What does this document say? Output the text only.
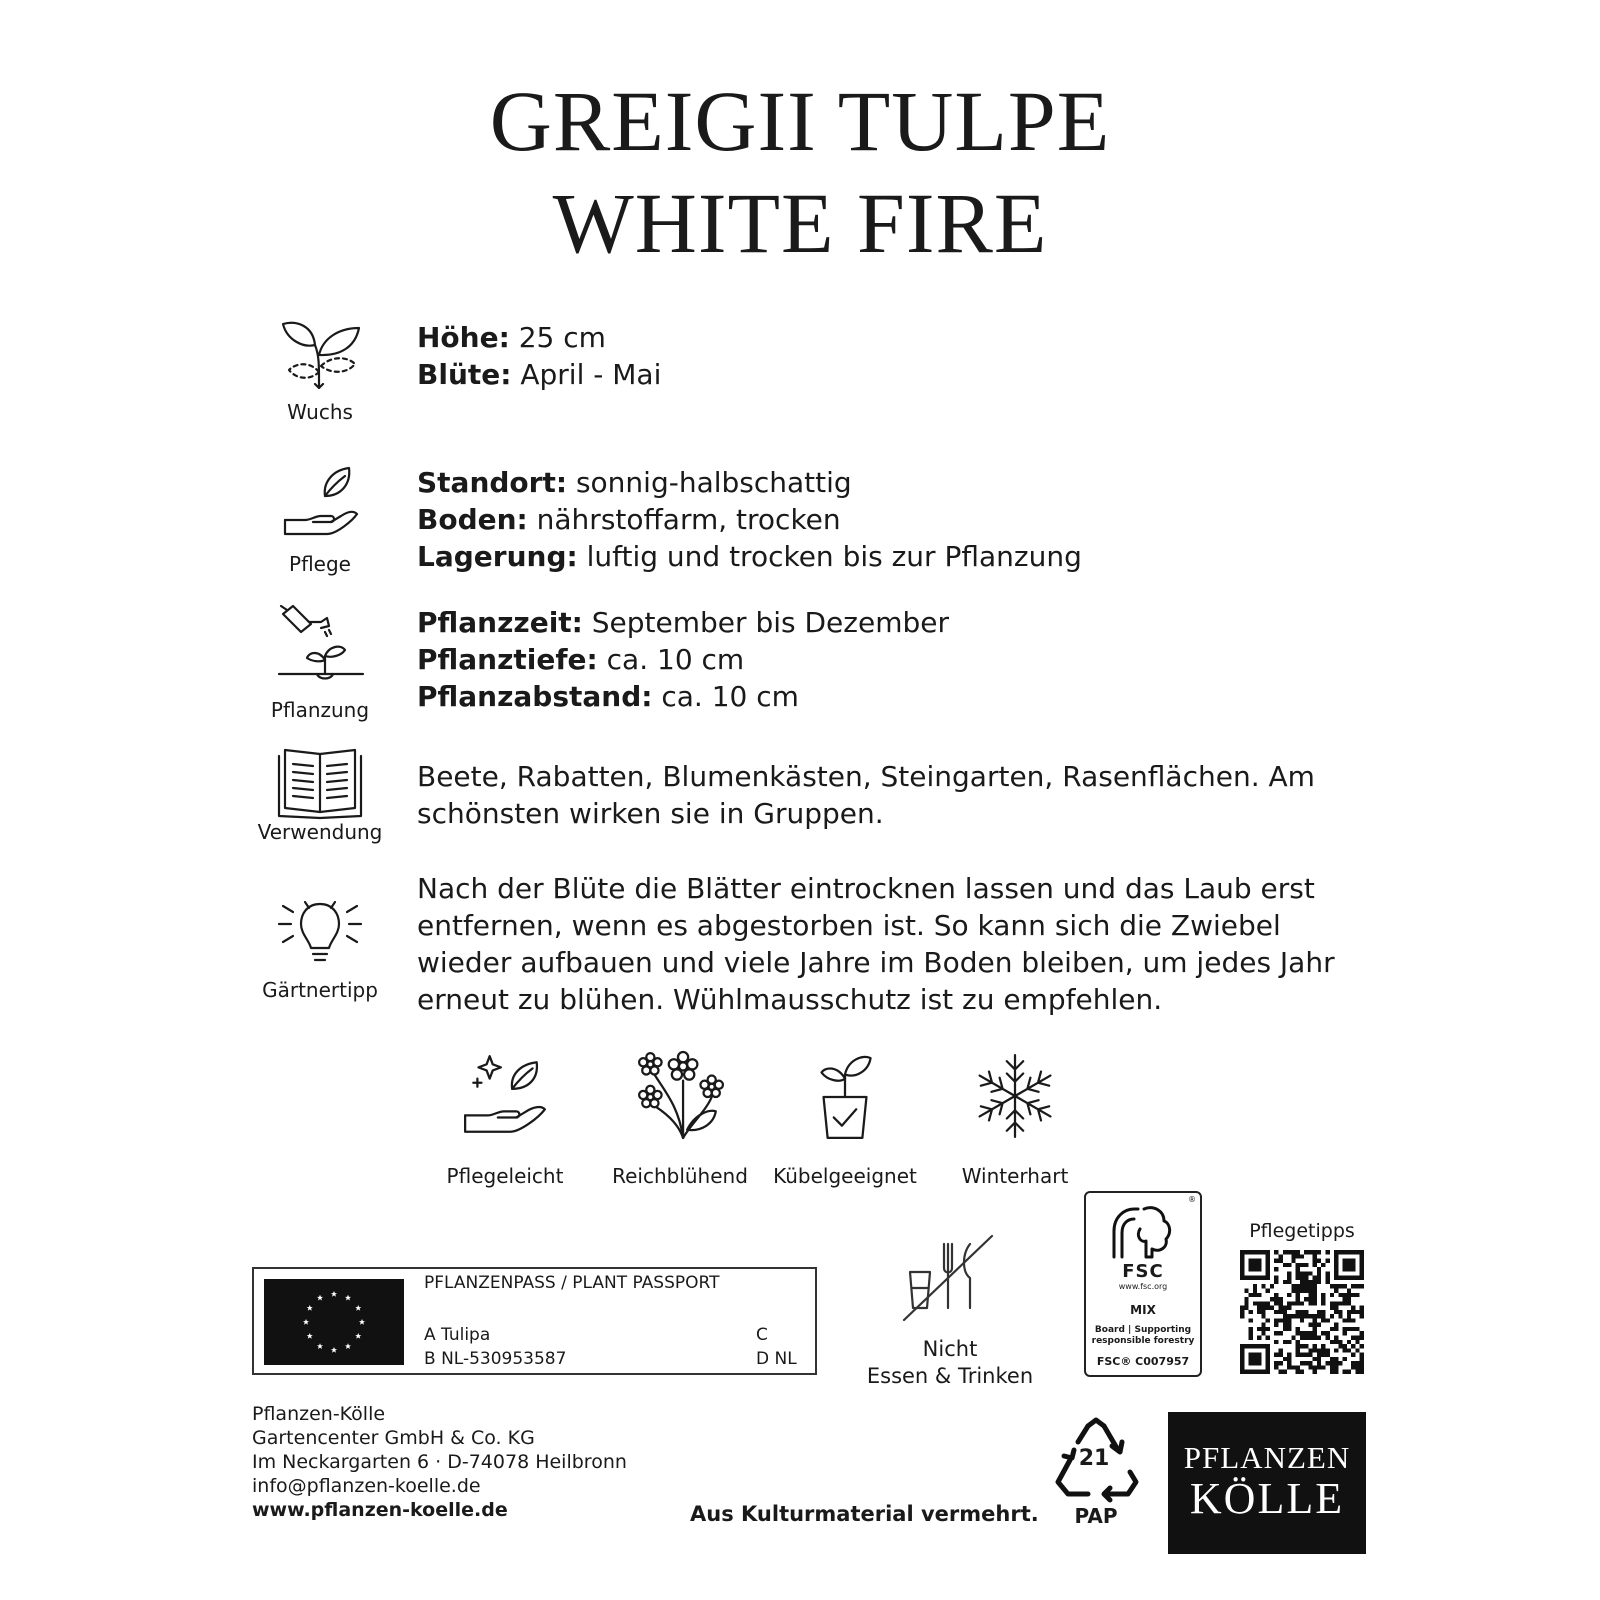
GREIGII TULPE
WHITE FIRE
Wuchs
Höhe: 25 cm
Blüte: April - Mai
Pflege
Standort: sonnig-halbschattig
Boden: nährstoffarm, trocken
Lagerung: luftig und trocken bis zur Pflanzung
Pflanzung
Pflanzzeit: September bis Dezember
Pflanztiefe: ca. 10 cm
Pflanzabstand: ca. 10 cm
Verwendung
Beete, Rabatten, Blumenkästen, Steingarten, Rasenflächen. Am schönsten wirken sie in Gruppen.
Gärtnertipp
Nach der Blüte die Blätter eintrocknen lassen und das Laub erst entfernen, wenn es abgestorben ist. So kann sich die Zwiebel wieder aufbauen und viele Jahre im Boden bleiben, um jedes Jahr erneut zu blühen. Wühlmausschutz ist zu empfehlen.
Pflegeleicht	Reichblühend	Kübelgeeignet	Winterhart
PFLANZENPASS / PLANT PASSPORT
A Tulipa
B NL-530953587
C
D NL	Nicht
Essen & Trinken
®
FSC
www.fsc.org
MIX
Board | Supporting
responsible forestry
FSC® C007957
Pflegetipps
Pflanzen-Kölle
Gartencenter GmbH & Co. KG
Im Neckargarten 6 · D-74078 Heilbronn
info@pflanzen-koelle.de
www.pflanzen-koelle.de	Aus Kulturmaterial vermehrt.
21
PAP
PFLANZEN
KÖLLE
